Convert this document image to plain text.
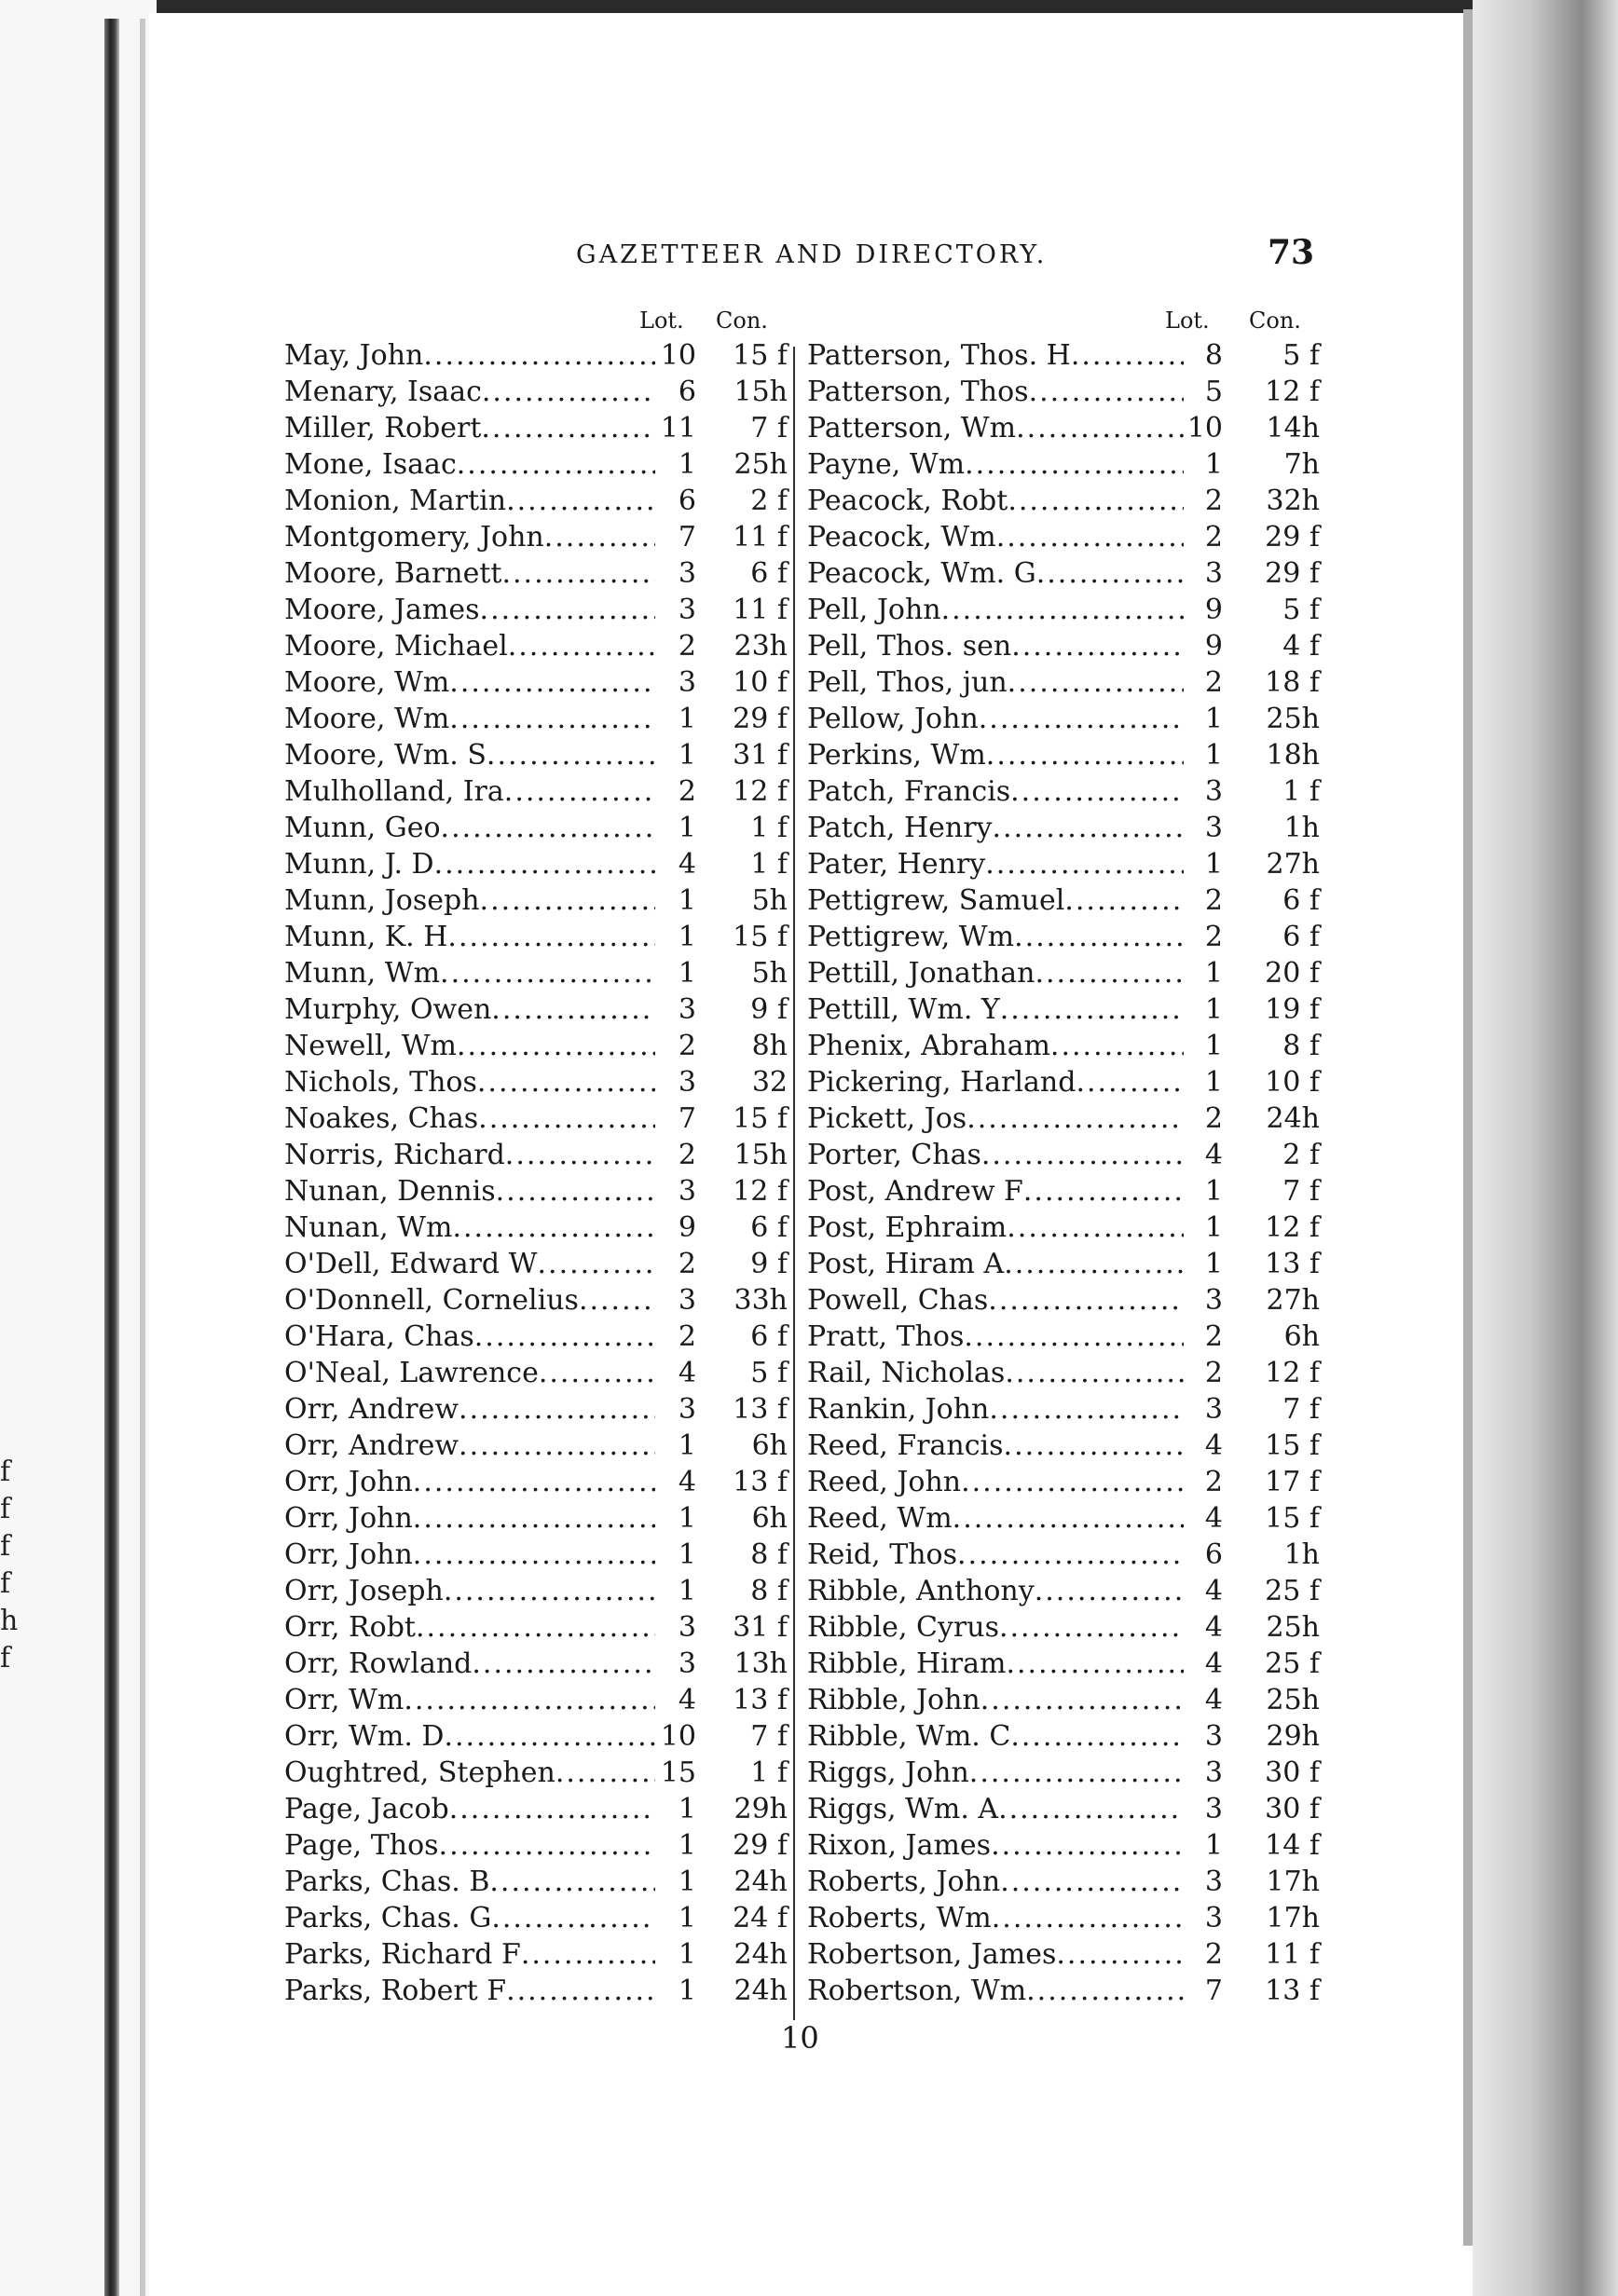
f
f
f
f
h
f
GAZETTEER AND DIRECTORY.	73
Lot. Con.	Lot. Con.
May, John .....	10	15 f
Menary, Isaac .....	6	15h
Miller, Robert .....	11	7 f
Mone, Isaac .....	1	25h
Monion, Martin .....	6	2 f
Montgomery, John .....	7	11 f
Moore, Barnett .....	3	6 f
Moore, James .....	3	11 f
Moore, Michael .....	2	23h
Moore, Wm .....	3	10 f
Moore, Wm .....	1	29 f
Moore, Wm. S .....	1	31 f
Mulholland, Ira .....	2	12 f
Munn, Geo .....	1	1 f
Munn, J. D .....	4	1 f
Munn, Joseph .....	1	5h
Munn, K. H .....	1	15 f
Munn, Wm .....	1	5h
Murphy, Owen .....	3	9 f
Newell, Wm .....	2	8h
Nichols, Thos .....	3	32
Noakes, Chas .....	7	15 f
Norris, Richard .....	2	15h
Nunan, Dennis .....	3	12 f
Nunan, Wm .....	9	6 f
O'Dell, Edward W .....	2	9 f
O'Donnell, Cornelius .....	3	33h
O'Hara, Chas .....	2	6 f
O'Neal, Lawrence .....	4	5 f
Orr, Andrew .....	3	13 f
Orr, Andrew .....	1	6h
Orr, John .....	4	13 f
Orr, John .....	1	6h
Orr, John .....	1	8 f
Orr, Joseph .....	1	8 f
Orr, Robt .....	3	31 f
Orr, Rowland .....	3	13h
Orr, Wm .....	4	13 f
Orr, Wm. D .....	10	7 f
Oughtred, Stephen .....	15	1 f
Page, Jacob .....	1	29h
Page, Thos .....	1	29 f
Parks, Chas. B .....	1	24h
Parks, Chas. G .....	1	24 f
Parks, Richard F .....	1	24h
Parks, Robert F .....	1	24h
Patterson, Thos. H .....	8	5 f
Patterson, Thos .....	5	12 f
Patterson, Wm .....	10	14h
Payne, Wm .....	1	7h
Peacock, Robt .....	2	32h
Peacock, Wm .....	2	29 f
Peacock, Wm. G .....	3	29 f
Pell, John .....	9	5 f
Pell, Thos. sen .....	9	4 f
Pell, Thos, jun .....	2	18 f
Pellow, John .....	1	25h
Perkins, Wm .....	1	18h
Patch, Francis .....	3	1 f
Patch, Henry .....	3	1h
Pater, Henry .....	1	27h
Pettigrew, Samuel .....	2	6 f
Pettigrew, Wm .....	2	6 f
Pettill, Jonathan .....	1	20 f
Pettill, Wm. Y .....	1	19 f
Phenix, Abraham .....	1	8 f
Pickering, Harland .....	1	10 f
Pickett, Jos .....	2	24h
Porter, Chas .....	4	2 f
Post, Andrew F .....	1	7 f
Post, Ephraim .....	1	12 f
Post, Hiram A .....	1	13 f
Powell, Chas .....	3	27h
Pratt, Thos .....	2	6h
Rail, Nicholas .....	2	12 f
Rankin, John .....	3	7 f
Reed, Francis .....	4	15 f
Reed, John .....	2	17 f
Reed, Wm .....	4	15 f
Reid, Thos .....	6	1h
Ribble, Anthony .....	4	25 f
Ribble, Cyrus .....	4	25h
Ribble, Hiram .....	4	25 f
Ribble, John .....	4	25h
Ribble, Wm. C .....	3	29h
Riggs, John .....	3	30 f
Riggs, Wm. A .....	3	30 f
Rixon, James .....	1	14 f
Roberts, John .....	3	17h
Roberts, Wm .....	3	17h
Robertson, James .....	2	11 f
Robertson, Wm .....	7	13 f
10
